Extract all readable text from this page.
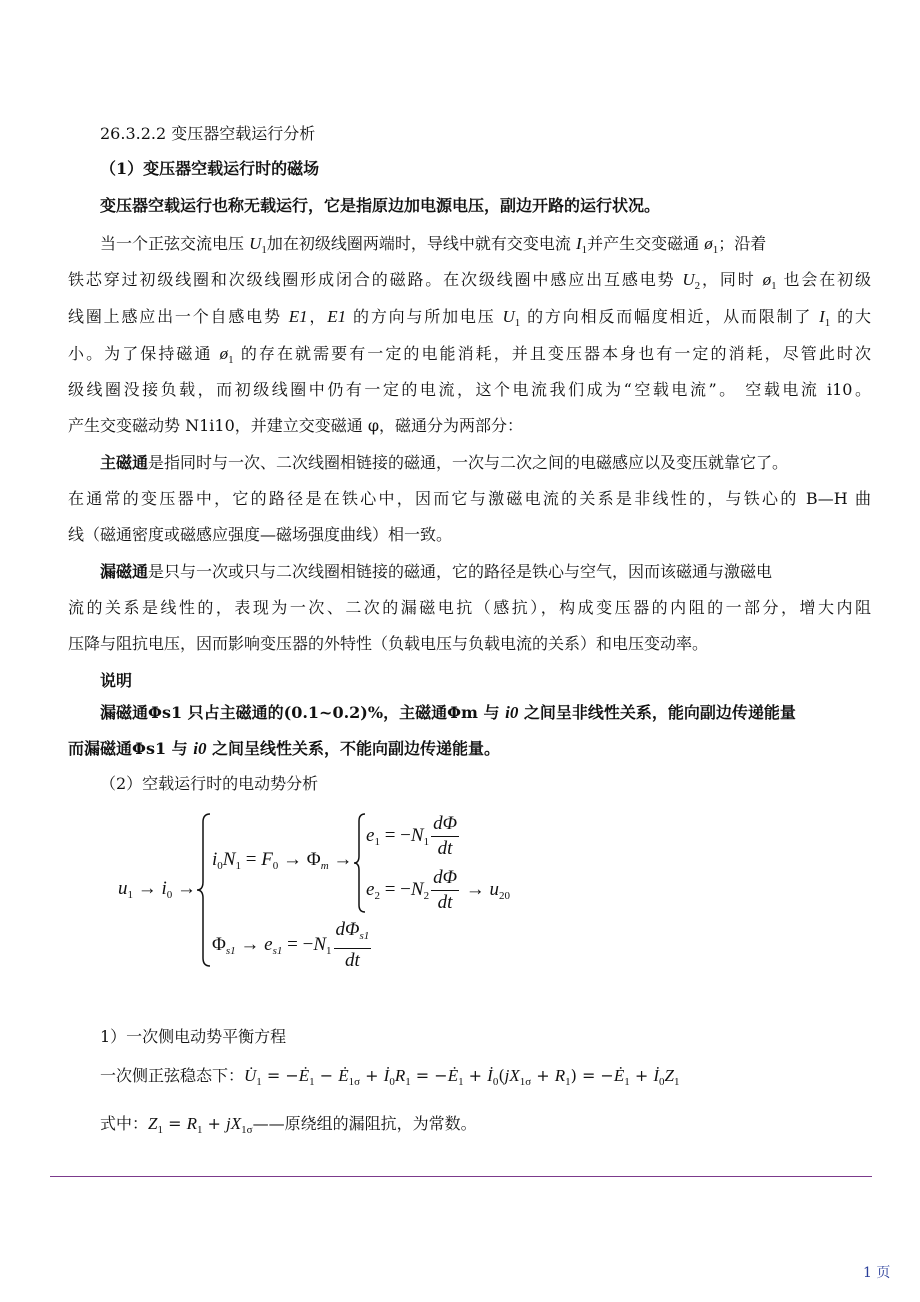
$u_1 \to i_0$ →
$i_0N_1 = F_0 \to \Phi_m$ →
$e_1 = -N_1 \frac{d\Phi}{dt}$
$e_2 = -N_2 \frac{d\Phi}{dt} \to u_{20}$
$\Phi_{s1} \to e_{s1} = -N_1 \frac{d\Phi_{s1}}{dt}$
1 页
26.3.2.2 变压器空载运行分析
（1）变压器空载运行时的磁场
变压器空载运行也称无载运行，它是指原边加电源电压，副边开路的运行状况。
当一个正弦交流电压 $U_1$加在初级线圈两端时，导线中就有交变电流 $I_1$并产生交变磁通 $ø_1$；沿着
铁芯穿过初级线圈和次级线圈形成闭合的磁路。在次级线圈中感应出互感电势 $U_2$，同时 $ø_1$ 也会在初级
线圈上感应出一个自感电势 E1，E1 的方向与所加电压 $U_1$ 的方向相反而幅度相近，从而限制了 $I_1$ 的大
小。为了保持磁通 $ø_1$ 的存在就需要有一定的电能消耗，并且变压器本身也有一定的消耗，尽管此时次
级线圈没接负载，而初级线圈中仍有一定的电流，这个电流我们成为“空载电流”。 空载电流 i10。
产生交变磁动势 N1i10，并建立交变磁通 φ，磁通分为两部分：
主磁通是指同时与一次、二次线圈相链接的磁通，一次与二次之间的电磁感应以及变压就靠它了。
在通常的变压器中，它的路径是在铁心中，因而它与激磁电流的关系是非线性的，与铁心的 B—H 曲
线（磁通密度或磁感应强度—磁场强度曲线）相一致。
漏磁通是只与一次或只与二次线圈相链接的磁通，它的路径是铁心与空气，因而该磁通与激磁电
流的关系是线性的，表现为一次、二次的漏磁电抗（感抗），构成变压器的内阻的一部分，增大内阻
压降与阻抗电压，因而影响变压器的外特性（负载电压与负载电流的关系）和电压变动率。
说明
漏磁通Φs1 只占主磁通的(0.1~0.2)%，主磁通Φm 与 i0 之间呈非线性关系，能向副边传递能量
而漏磁通Φs1 与 i0 之间呈线性关系，不能向副边传递能量。
（2）空载运行时的电动势分析
1）一次侧电动势平衡方程
一次侧正弦稳态下：$U̇_1$ = $-Ė_1$ − $Ė_{1\sigma}$ + $İ_0R_1$ = $-Ė_1$ + $İ_0(jX_{1\sigma} + R_1)$ = $-Ė_1$ + $İ_0Z_1$
式中：$Z_1 = R_1$ + $jX_{1\sigma}——$原绕组的漏阻抗，为常数。
